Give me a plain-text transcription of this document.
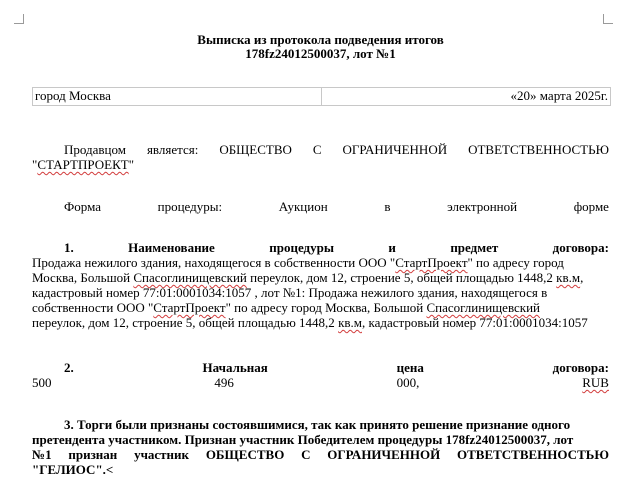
Выписка из протокола подведения итогов
178fz24012500037, лот №1
город Москва	«20» марта 2025г.
Продавцом является: ОБЩЕСТВО С ОГРАНИЧЕННОЙ ОТВЕТСТВЕННОСТЬЮ
"СТАРТПРОЕКТ"
Форма	процедуры:	Аукцион	в	электронной	форме
1.	Наименование	процедуры	и	предмет	договора:
Продажа нежилого здания, находящегося в собственности ООО "СтартПроект" по адресу город
Москва, Большой Спасоглинищевский переулок, дом 12, строение 5, общей площадью 1448,2 кв.м,
кадастровый номер 77:01:0001034:1057 , лот №1: Продажа нежилого здания, находящегося в
собственности ООО "СтартПроект" по адресу город Москва, Большой Спасоглинищевский
переулок, дом 12, строение 5, общей площадью 1448,2 кв.м, кадастровый номер 77:01:0001034:1057
2.	Начальная	цена	договора:
500	496	000,	RUB
3. Торги были признаны состоявшимися, так как принято решение признание одного
претендента участником. Признан участник Победителем процедуры 178fz24012500037, лот
№1 признан участник ОБЩЕСТВО С ОГРАНИЧЕННОЙ ОТВЕТСТВЕННОСТЬЮ
"ГЕЛИОС".<
